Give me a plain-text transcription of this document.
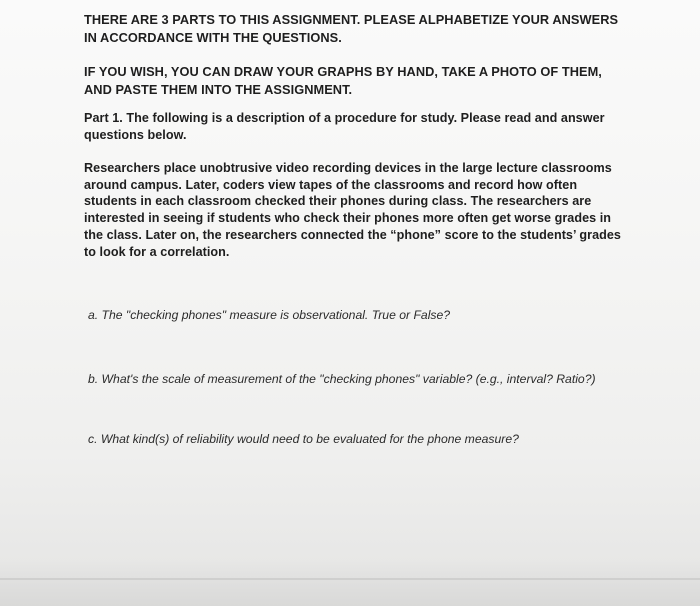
THERE ARE 3 PARTS TO THIS ASSIGNMENT. PLEASE ALPHABETIZE YOUR ANSWERS
IN ACCORDANCE WITH THE QUESTIONS.
IF YOU WISH, YOU CAN DRAW YOUR GRAPHS BY HAND, TAKE A PHOTO OF THEM,
AND PASTE THEM INTO THE ASSIGNMENT.
Part 1. The following is a description of a procedure for study. Please read and answer
questions below.
Researchers place unobtrusive video recording devices in the large lecture classrooms
around campus. Later, coders view tapes of the classrooms and record how often
students in each classroom checked their phones during class. The researchers are
interested in seeing if students who check their phones more often get worse grades in
the class. Later on, the researchers connected the “phone” score to the students’ grades
to look for a correlation.
a. The "checking phones" measure is observational. True or False?
b. What's the scale of measurement of the "checking phones" variable? (e.g., interval? Ratio?)
c. What kind(s) of reliability would need to be evaluated for the phone measure?
